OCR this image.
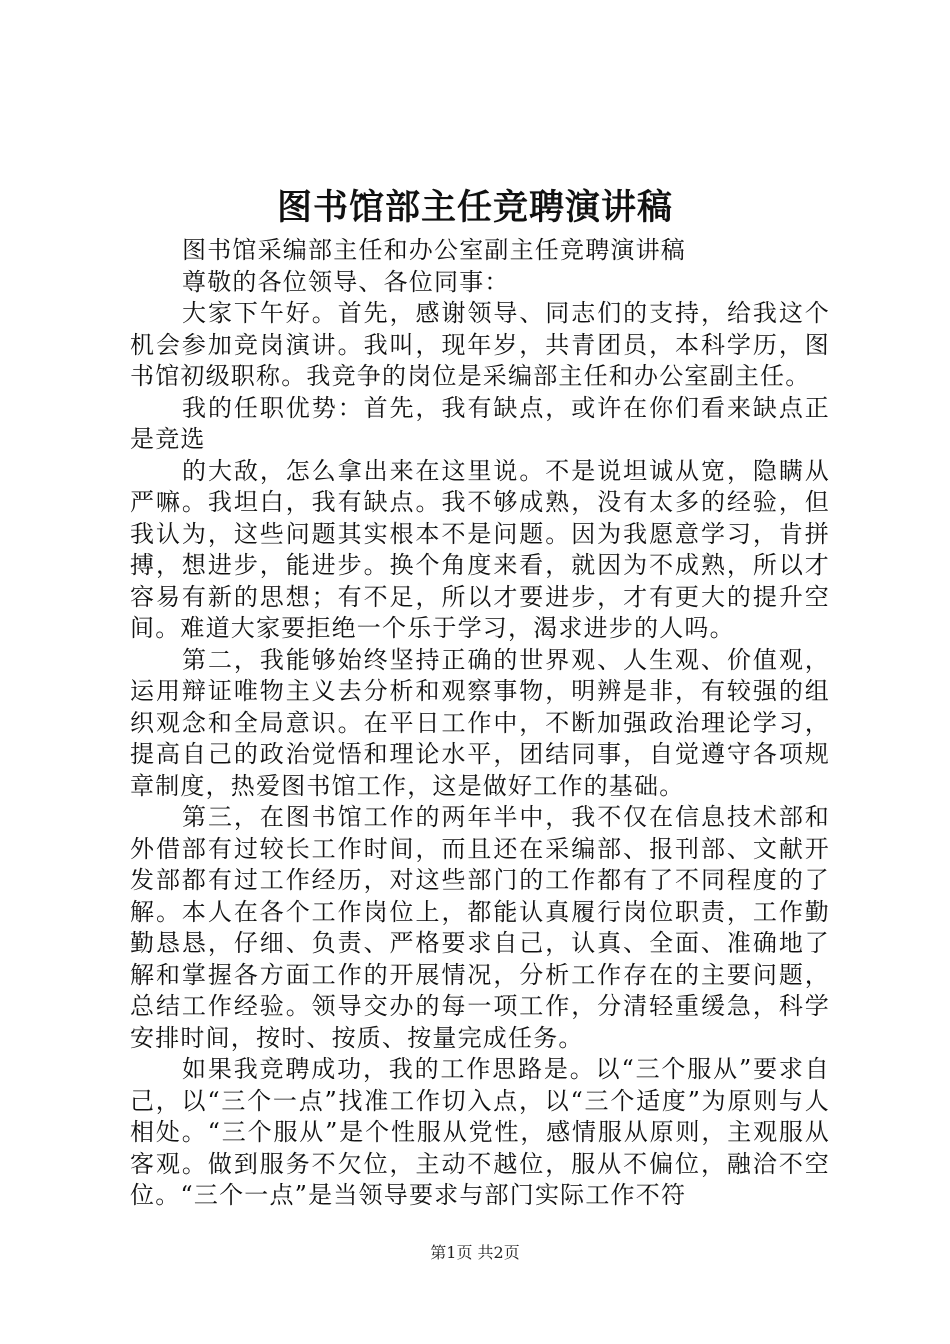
图书馆部主任竞聘演讲稿

图书馆采编部主任和办公室副主任竞聘演讲稿

尊敬的各位领导、各位同事：

大家下午好。首先，感谢领导、同志们的支持，给我这个机会参加竞岗演讲。我叫，现年岁，共青团员，本科学历，图书馆初级职称。我竞争的岗位是采编部主任和办公室副主任。

我的任职优势：首先，我有缺点，或许在你们看来缺点正是竞选

的大敌，怎么拿出来在这里说。不是说坦诚从宽，隐瞒从严嘛。我坦白，我有缺点。我不够成熟，没有太多的经验，但我认为，这些问题其实根本不是问题。因为我愿意学习，肯拼搏，想进步，能进步。换个角度来看，就因为不成熟，所以才容易有新的思想；有不足，所以才要进步，才有更大的提升空间。难道大家要拒绝一个乐于学习，渴求进步的人吗。

第二，我能够始终坚持正确的世界观、人生观、价值观，运用辩证唯物主义去分析和观察事物，明辨是非，有较强的组织观念和全局意识。在平日工作中，不断加强政治理论学习，提高自己的政治觉悟和理论水平，团结同事，自觉遵守各项规章制度，热爱图书馆工作，这是做好工作的基础。

第三，在图书馆工作的两年半中，我不仅在信息技术部和外借部有过较长工作时间，而且还在采编部、报刊部、文献开发部都有过工作经历，对这些部门的工作都有了不同程度的了解。本人在各个工作岗位上，都能认真履行岗位职责，工作勤勤恳恳，仔细、负责、严格要求自己，认真、全面、准确地了解和掌握各方面工作的开展情况，分析工作存在的主要问题，总结工作经验。领导交办的每一项工作，分清轻重缓急，科学安排时间，按时、按质、按量完成任务。

如果我竞聘成功，我的工作思路是。以“三个服从”要求自己，以“三个一点”找准工作切入点，以“三个适度”为原则与人相处。“三个服从”是个性服从党性，感情服从原则，主观服从客观。做到服务不欠位，主动不越位，服从不偏位，融洽不空位。“三个一点”是当领导要求与部门实际工作不符

第1页 共2页
